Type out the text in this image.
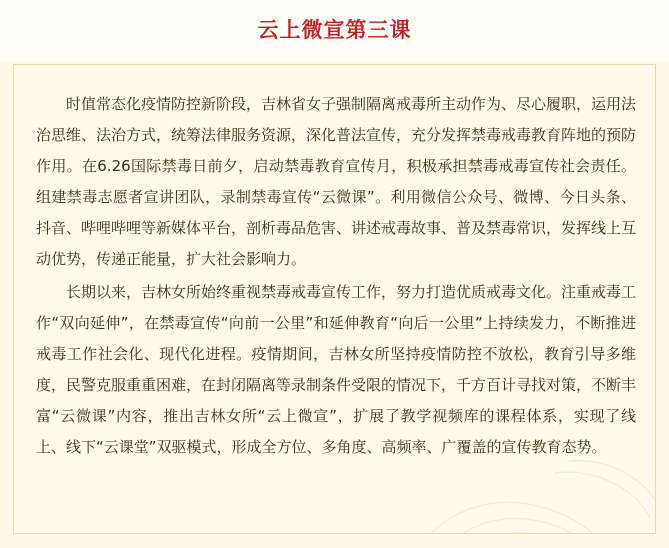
云上微宣第三课

时值常态化疫情防控新阶段，吉林省女子强制隔离戒毒所主动作为、尽心履职，运用法治思维、法治方式，统筹法律服务资源，深化普法宣传，充分发挥禁毒戒毒教育阵地的预防作用。在6.26国际禁毒日前夕，启动禁毒教育宣传月，积极承担禁毒戒毒宣传社会责任。组建禁毒志愿者宣讲团队，录制禁毒宣传“云微课”。利用微信公众号、微博、今日头条、抖音、哔哩哔哩等新媒体平台，剖析毒品危害、讲述戒毒故事、普及禁毒常识，发挥线上互动优势，传递正能量，扩大社会影响力。

长期以来，吉林女所始终重视禁毒戒毒宣传工作，努力打造优质戒毒文化。注重戒毒工作“双向延伸”，在禁毒宣传“向前一公里”和延伸教育“向后一公里”上持续发力，不断推进戒毒工作社会化、现代化进程。疫情期间，吉林女所坚持疫情防控不放松，教育引导多维度，民警克服重重困难，在封闭隔离等录制条件受限的情况下，千方百计寻找对策，不断丰富“云微课”内容，推出吉林女所“云上微宣”，扩展了教学视频库的课程体系，实现了线上、线下“云课堂”双驱模式，形成全方位、多角度、高频率、广覆盖的宣传教育态势。
